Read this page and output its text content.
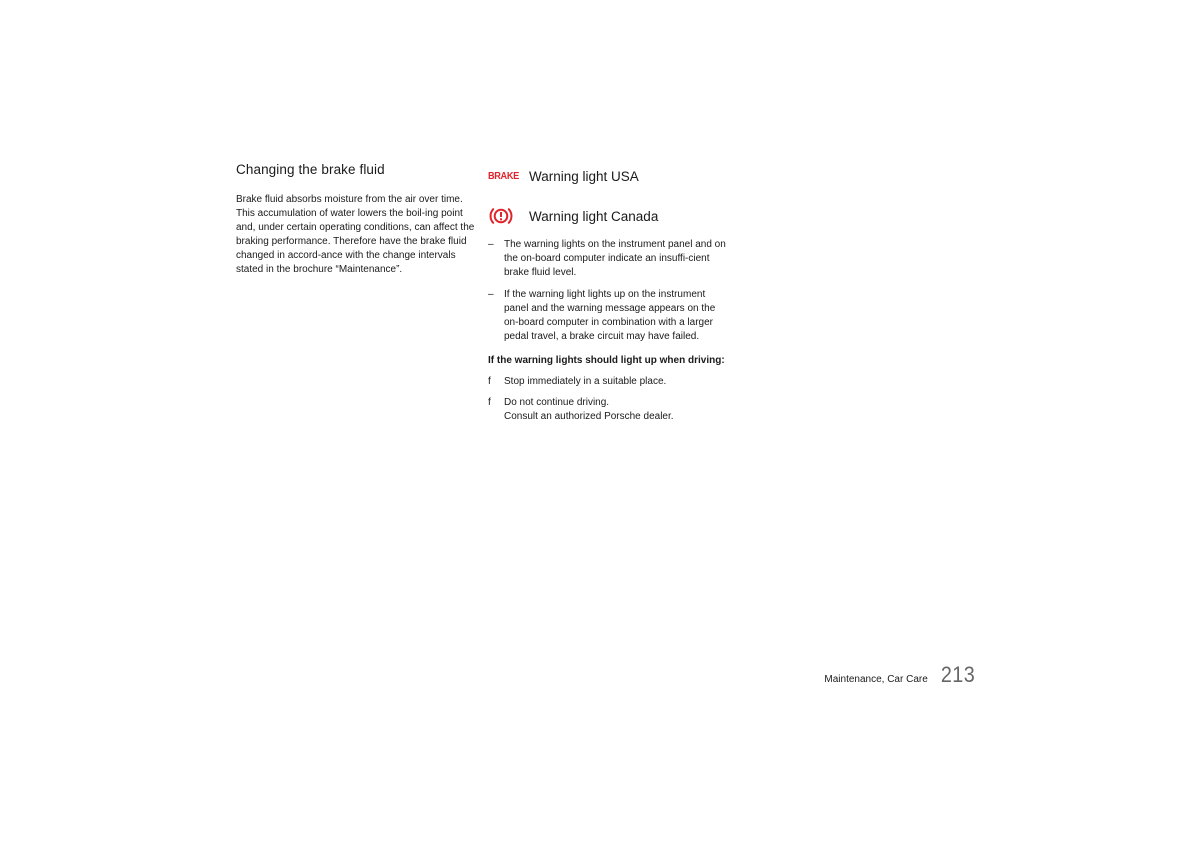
Changing the brake fluid

Brake fluid absorbs moisture from the air over time. This accumulation of water lowers the boil-ing point and, under certain operating conditions, can affect the braking performance. Therefore have the brake fluid changed in accord-ance with the change intervals stated in the brochure “Maintenance”.

BRAKE Warning light USA
Warning light Canada
–	The warning lights on the instrument panel and on the on-board computer indicate an insuffi-cient brake fluid level.
–	If the warning light lights up on the instrument panel and the warning message appears on the on-board computer in combination with a larger pedal travel, a brake circuit may have failed.

If the warning lights should light up when driving:

f	Stop immediately in a suitable place.
f	Do not continue driving.
Consult an authorized Porsche dealer.
Maintenance, Car Care 213
